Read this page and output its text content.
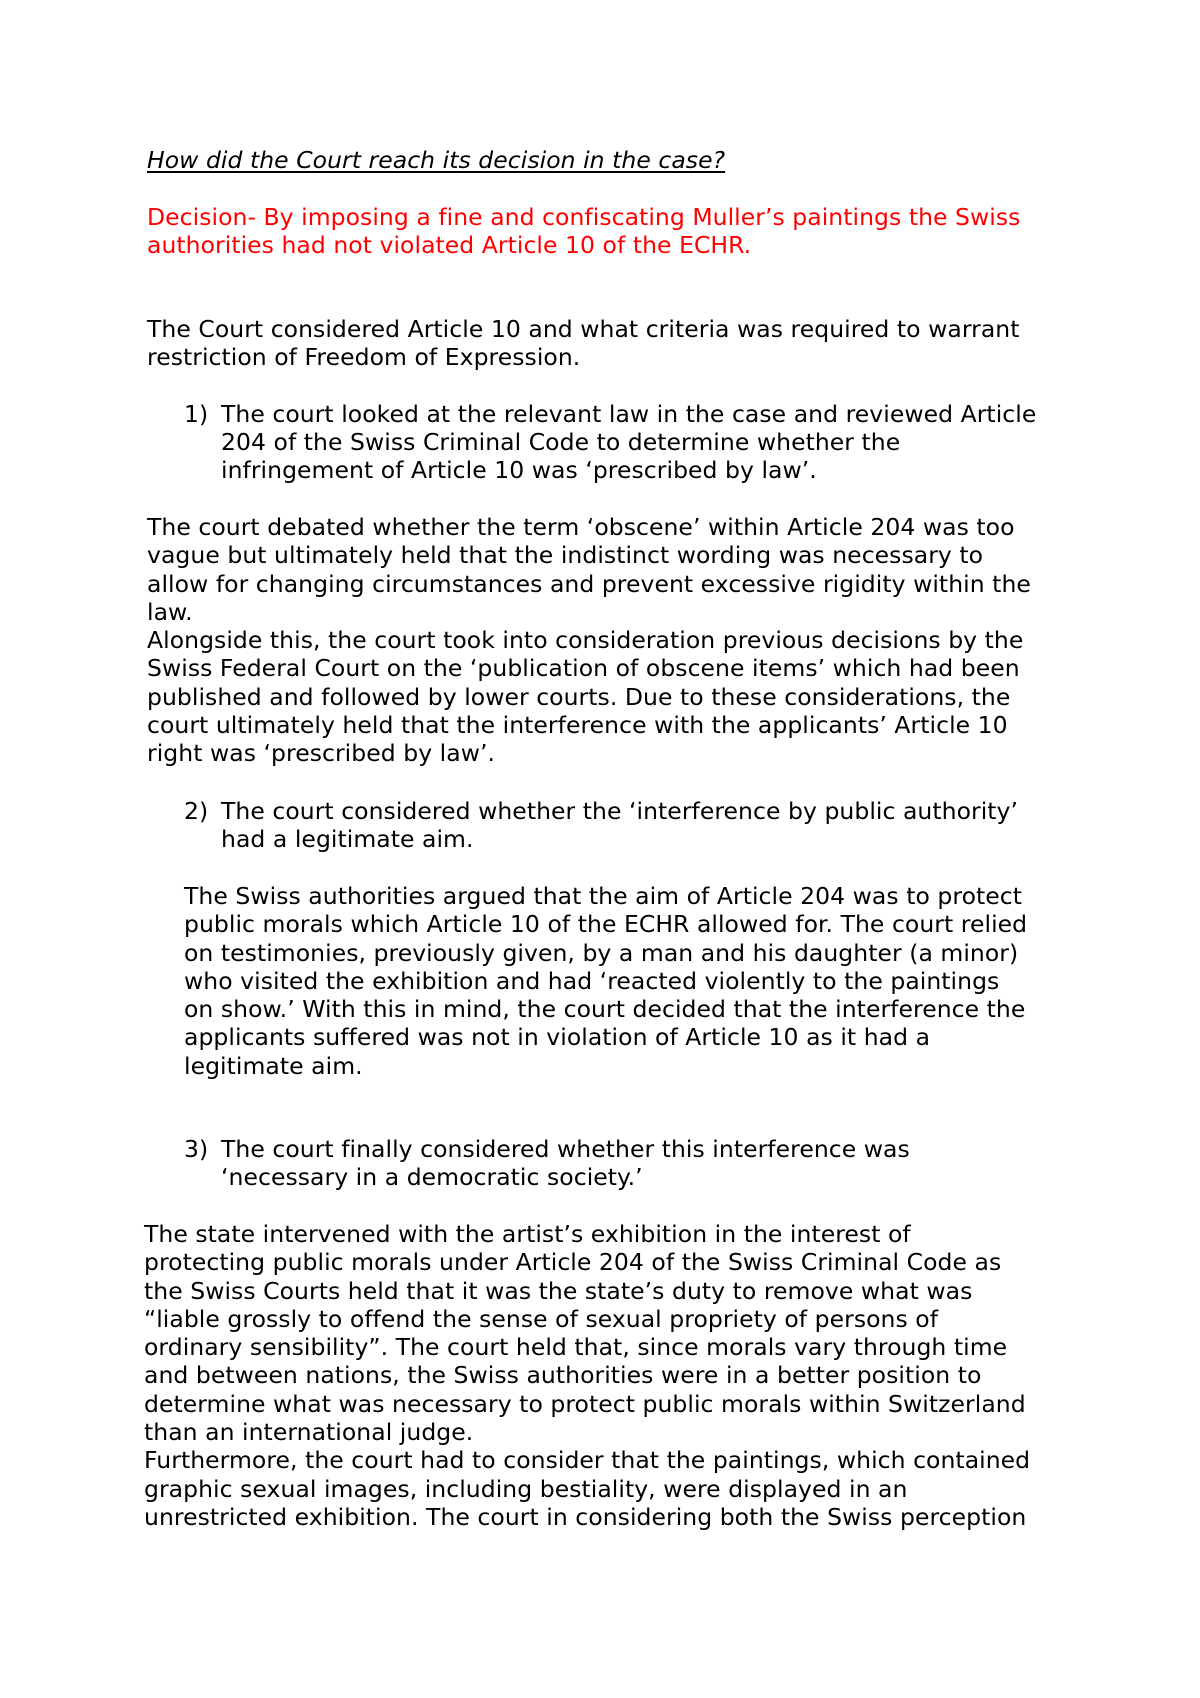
How did the Court reach its decision in the case?

Decision- By imposing a fine and confiscating Muller’s paintings the Swiss
authorities had not violated Article 10 of the ECHR.
The Court considered Article 10 and what criteria was required to warrant
restriction of Freedom of Expression.
1) The court looked at the relevant law in the case and reviewed Article
204 of the Swiss Criminal Code to determine whether the
infringement of Article 10 was ‘prescribed by law’.
The court debated whether the term ‘obscene’ within Article 204 was too
vague but ultimately held that the indistinct wording was necessary to
allow for changing circumstances and prevent excessive rigidity within the
law.
Alongside this, the court took into consideration previous decisions by the
Swiss Federal Court on the ‘publication of obscene items’ which had been
published and followed by lower courts. Due to these considerations, the
court ultimately held that the interference with the applicants’ Article 10
right was ‘prescribed by law’.
2) The court considered whether the ‘interference by public authority’
had a legitimate aim.
The Swiss authorities argued that the aim of Article 204 was to protect
public morals which Article 10 of the ECHR allowed for. The court relied
on testimonies, previously given, by a man and his daughter (a minor)
who visited the exhibition and had ‘reacted violently to the paintings
on show.’ With this in mind, the court decided that the interference the
applicants suffered was not in violation of Article 10 as it had a
legitimate aim.
3) The court finally considered whether this interference was
‘necessary in a democratic society.’
The state intervened with the artist’s exhibition in the interest of
protecting public morals under Article 204 of the Swiss Criminal Code as
the Swiss Courts held that it was the state’s duty to remove what was
“liable grossly to offend the sense of sexual propriety of persons of
ordinary sensibility”. The court held that, since morals vary through time
and between nations, the Swiss authorities were in a better position to
determine what was necessary to protect public morals within Switzerland
than an international judge.
Furthermore, the court had to consider that the paintings, which contained
graphic sexual images, including bestiality, were displayed in an
unrestricted exhibition. The court in considering both the Swiss perception
